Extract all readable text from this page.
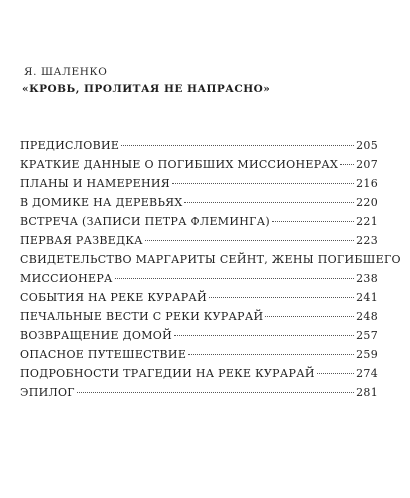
Я. ШАЛЕНКО
«КРОВЬ, ПРОЛИТАЯ НЕ НАПРАСНО»
ПРЕДИСЛОВИЕ	205
КРАТКИЕ ДАННЫЕ О ПОГИБШИХ МИССИОНЕРАХ 207
ПЛАНЫ И НАМЕРЕНИЯ	216
В ДОМИКЕ НА ДЕРЕВЬЯХ	220
ВСТРЕЧА (ЗАПИСИ ПЕТРА ФЛЕМИНГА)	221
ПЕРВАЯ РАЗВЕДКА	223
СВИДЕТЕЛЬСТВО МАРГАРИТЫ СЕЙНТ, ЖЕНЫ ПОГИБШЕГО
МИССИОНЕРА	238
СОБЫТИЯ НА РЕКЕ КУРАРАЙ	241
ПЕЧАЛЬНЫЕ ВЕСТИ С РЕКИ КУРАРАЙ	248
ВОЗВРАЩЕНИЕ ДОМОЙ	257
ОПАСНОЕ ПУТЕШЕСТВИЕ	259
ПОДРОБНОСТИ ТРАГЕДИИ НА РЕКЕ КУРАРАЙ	274
ЭПИЛОГ	281
